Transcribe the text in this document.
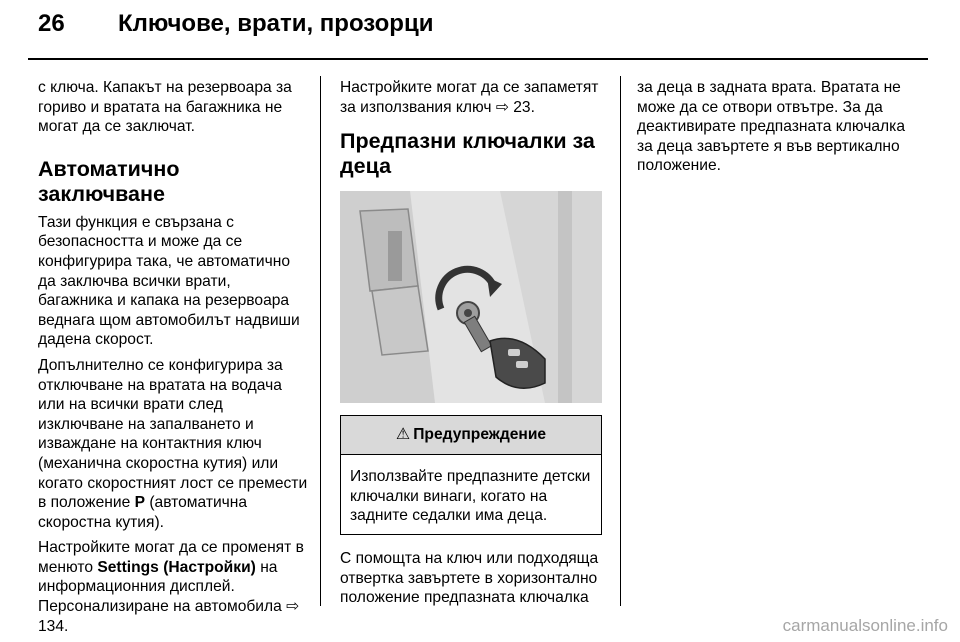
26 Ключове, врати, прозорци

с ключа. Капакът на резервоара за гориво и вратата на багажника не могат да се заключат.

Автоматично заключване

Тази функция е свързана с безопасността и може да се конфигурира така, че автоматично да заключва всички врати, багажника и капака на резервоара веднага щом автомобилът надвиши дадена скорост.

Допълнително се конфигурира за отключване на вратата на водача или на всички врати след изключване на запалването и изваждане на контактния ключ (механична скоростна кутия) или когато скоростният лост се премести в положение P (автоматична скоростна кутия).

Настройките могат да се променят в менюто Settings (Настройки) на информационния дисплей. Персонализиране на автомобила ⇨ 134.

Настройките могат да се запаметят за използвания ключ ⇨ 23.

Предпазни ключалки за деца
⚠ Предупреждение

Използвайте предпазните детски ключалки винаги, когато на задните седалки има деца.

С помощта на ключ или подходяща отвертка завъртете в хоризонтално положение предпазната ключалка

за деца в задната врата. Вратата не може да се отвори отвътре. За да деактивирате предпазната ключалка за деца завъртете я във вертикално положение.

carmanualsonline.info
